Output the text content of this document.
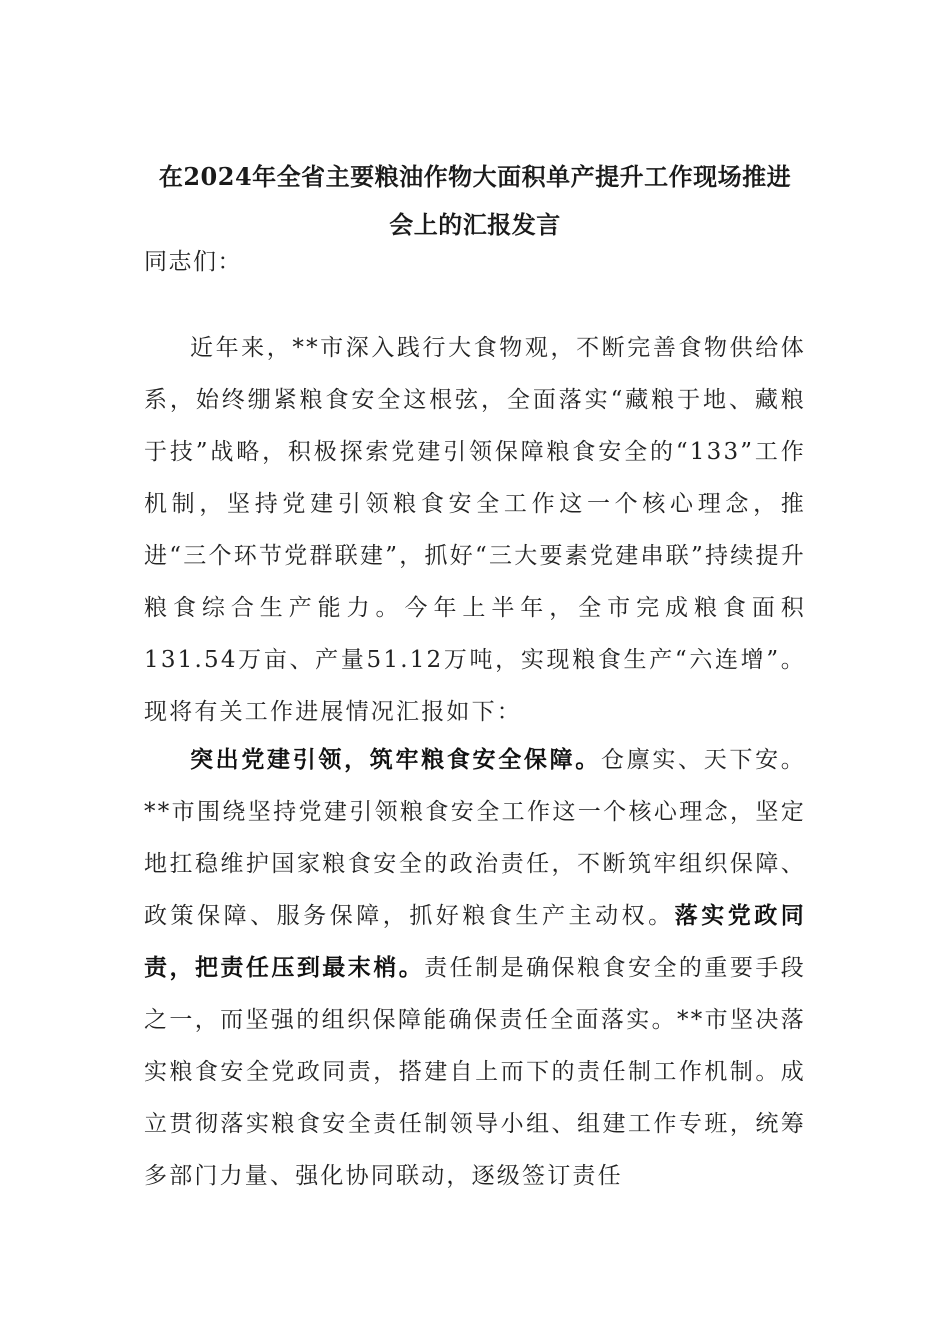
在2024年全省主要粮油作物大面积单产提升工作现场推进
会上的汇报发言
同志们：

近年来，**市深入践行大食物观，不断完善食物供给体系，始终绷紧粮食安全这根弦，全面落实“藏粮于地、藏粮于技”战略，积极探索党建引领保障粮食安全的“133”工作机制，坚持党建引领粮食安全工作这一个核心理念，推进“三个环节党群联建”，抓好“三大要素党建串联”持续提升粮食综合生产能力。今年上半年，全市完成粮食面积131.54万亩、产量51.12万吨，实现粮食生产“六连增”。现将有关工作进展情况汇报如下：

突出党建引领，筑牢粮食安全保障。仓廪实、天下安。**市围绕坚持党建引领粮食安全工作这一个核心理念，坚定地扛稳维护国家粮食安全的政治责任，不断筑牢组织保障、政策保障、服务保障，抓好粮食生产主动权。落实党政同责，把责任压到最末梢。责任制是确保粮食安全的重要手段之一，而坚强的组织保障能确保责任全面落实。**市坚决落实粮食安全党政同责，搭建自上而下的责任制工作机制。成立贯彻落实粮食安全责任制领导小组、组建工作专班，统筹多部门力量、强化协同联动，逐级签订责任
